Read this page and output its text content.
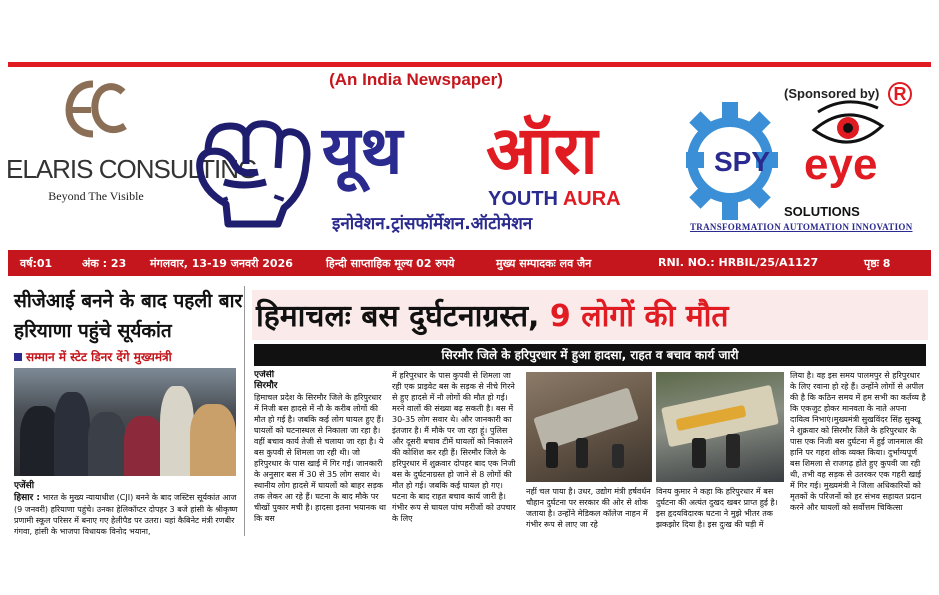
ELARIS CONSULTING
Beyond The Visible
(An India Newspaper)
यूथ ऑरा
YOUTH AURA
इनोवेशन.ट्रांसफॉर्मेशन.ऑटोमेशन
(Sponsored by) R
SPY eye
SOLUTIONS
TRANSFORMATION AUTOMATION INNOVATION
वर्ष:01	अंक : 23 मंगलवार, 13-19 जनवरी 2026	हिन्दी साप्ताहिक मूल्य 02 रुपये	मुख्य सम्पादकः लव जैन	RNI. NO.: HRBIL/25/A1127	पृष्ठः 8
सीजेआई बनने के बाद पहली बार हरियाणा पहुंचे सूर्यकांत
सम्मान में स्टेट डिनर देंगे मुख्यमंत्री
एजेंसी
हिसार : भारत के मुख्य न्यायाधीश (CJI) बनने के बाद जस्टिस सूर्यकांत आज (9 जनवरी) हरियाणा पहुंचे। उनका हेलिकॉप्टर दोपहर 3 बजे हांसी के श्रीकृष्ण प्रणामी स्कूल परिसर में बनाए गए हेलीपैड पर उतरा। यहां कैबिनेट मंत्री रणबीर गंगवा, हांसी के भाजपा विधायक विनोद भयाना,
हिमाचलः बस दुर्घटनाग्रस्त, 9 लोगों की मौत
सिरमौर जिले के हरिपुरधार में हुआ हादसा, राहत व बचाव कार्य जारी
एजेंसी
सिरमौर
हिमाचल प्रदेश के सिरमौर जिले के हरिपुरधार में निजी बस हादसे में नौ के करीब लोगों की मौत हो गई है। जबकि कई लोग घायल हुए हैं। घायलों को घटनास्थल से निकाला जा रहा है। वहीं बचाव कार्य तेजी से चलाया जा रहा है। ये बस कुपवी से शिमला जा रही थी। जो हरिपुरधार के पास खाई में गिर गई। जानकारी के अनुसार बस में 30 से 35 लोग सवार थे। स्थानीय लोग हादसे में घायलों को बाहर सड़क तक लेकर आ रहे हैं। घटना के बाद मौके पर चीखों पुकार मची है। हादसा इतना भयानक था कि बस
में हरिपुरधार के पास कुपवी से शिमला जा रही एक प्राइवेट बस के सड़क से नीचे गिरने से हुए हादसे में नौ लोगों की मौत हो गई। मरने वालों की संख्या बढ़ सकती है। बस में 30-35 लोग सवार थे। और जानकारी का इंतजार है। मैं मौके पर जा रहा हूं। पुलिस और दूसरी बचाव टीमें घायलों को निकालने की कोशिश कर रही हैं। सिरमौर जिले के हरिपुरधार में शुक्रवार दोपहर बाद एक निजी बस के दुर्घटनाग्रस्त हो जाने से 8 लोगों की मौत हो गई। जबकि कई घायल हो गए। घटना के बाद राहत बचाव कार्य जारी है। गंभीर रूप से घायल पांच मरीजों को उपचार के लिए
नहीं चल पाया है। उधर, उद्योग मंत्री हर्षवर्धन चौहान दुर्घटना पर सरकार की ओर से शोक जताया है। उन्होंने मेडिकल कॉलेज नाहन में गंभीर रूप से लाए जा रहे
विनय कुमार ने कहा कि हरिपुरधार में बस दुर्घटना की अत्यंत दुखद खबर प्राप्त हुई है। इस हृदयविदारक घटना ने मुझे भीतर तक झकझोर दिया है। इस दुःख की घड़ी में
लिया है। वह इस समय पालमपुर से हरिपुरधार के लिए रवाना हो रहे हैं। उन्होंने लोगों से अपील की है कि कठिन समय में हम सभी का कर्तव्य है कि एकजुट होकर मानवता के नाते अपना दायित्व निभाएं।मुख्यमंत्री सुखविंदर सिंह सुक्खू ने शुक्रवार को सिरमौर जिले के हरिपुरधार के पास एक निजी बस दुर्घटना में हुई जानमाल की हानि पर गहरा शोक व्यक्त किया। दुर्भाग्यपूर्ण बस शिमला से राजगढ़ होते हुए कुपवी जा रही थी, तभी वह सड़क से उतरकर एक गहरी खाई में गिर गई। मुख्यमंत्री ने जिला अधिकारियों को मृतकों के परिजनों को हर संभव सहायत प्रदान करने और घायलों को सर्वोत्तम चिकित्सा
